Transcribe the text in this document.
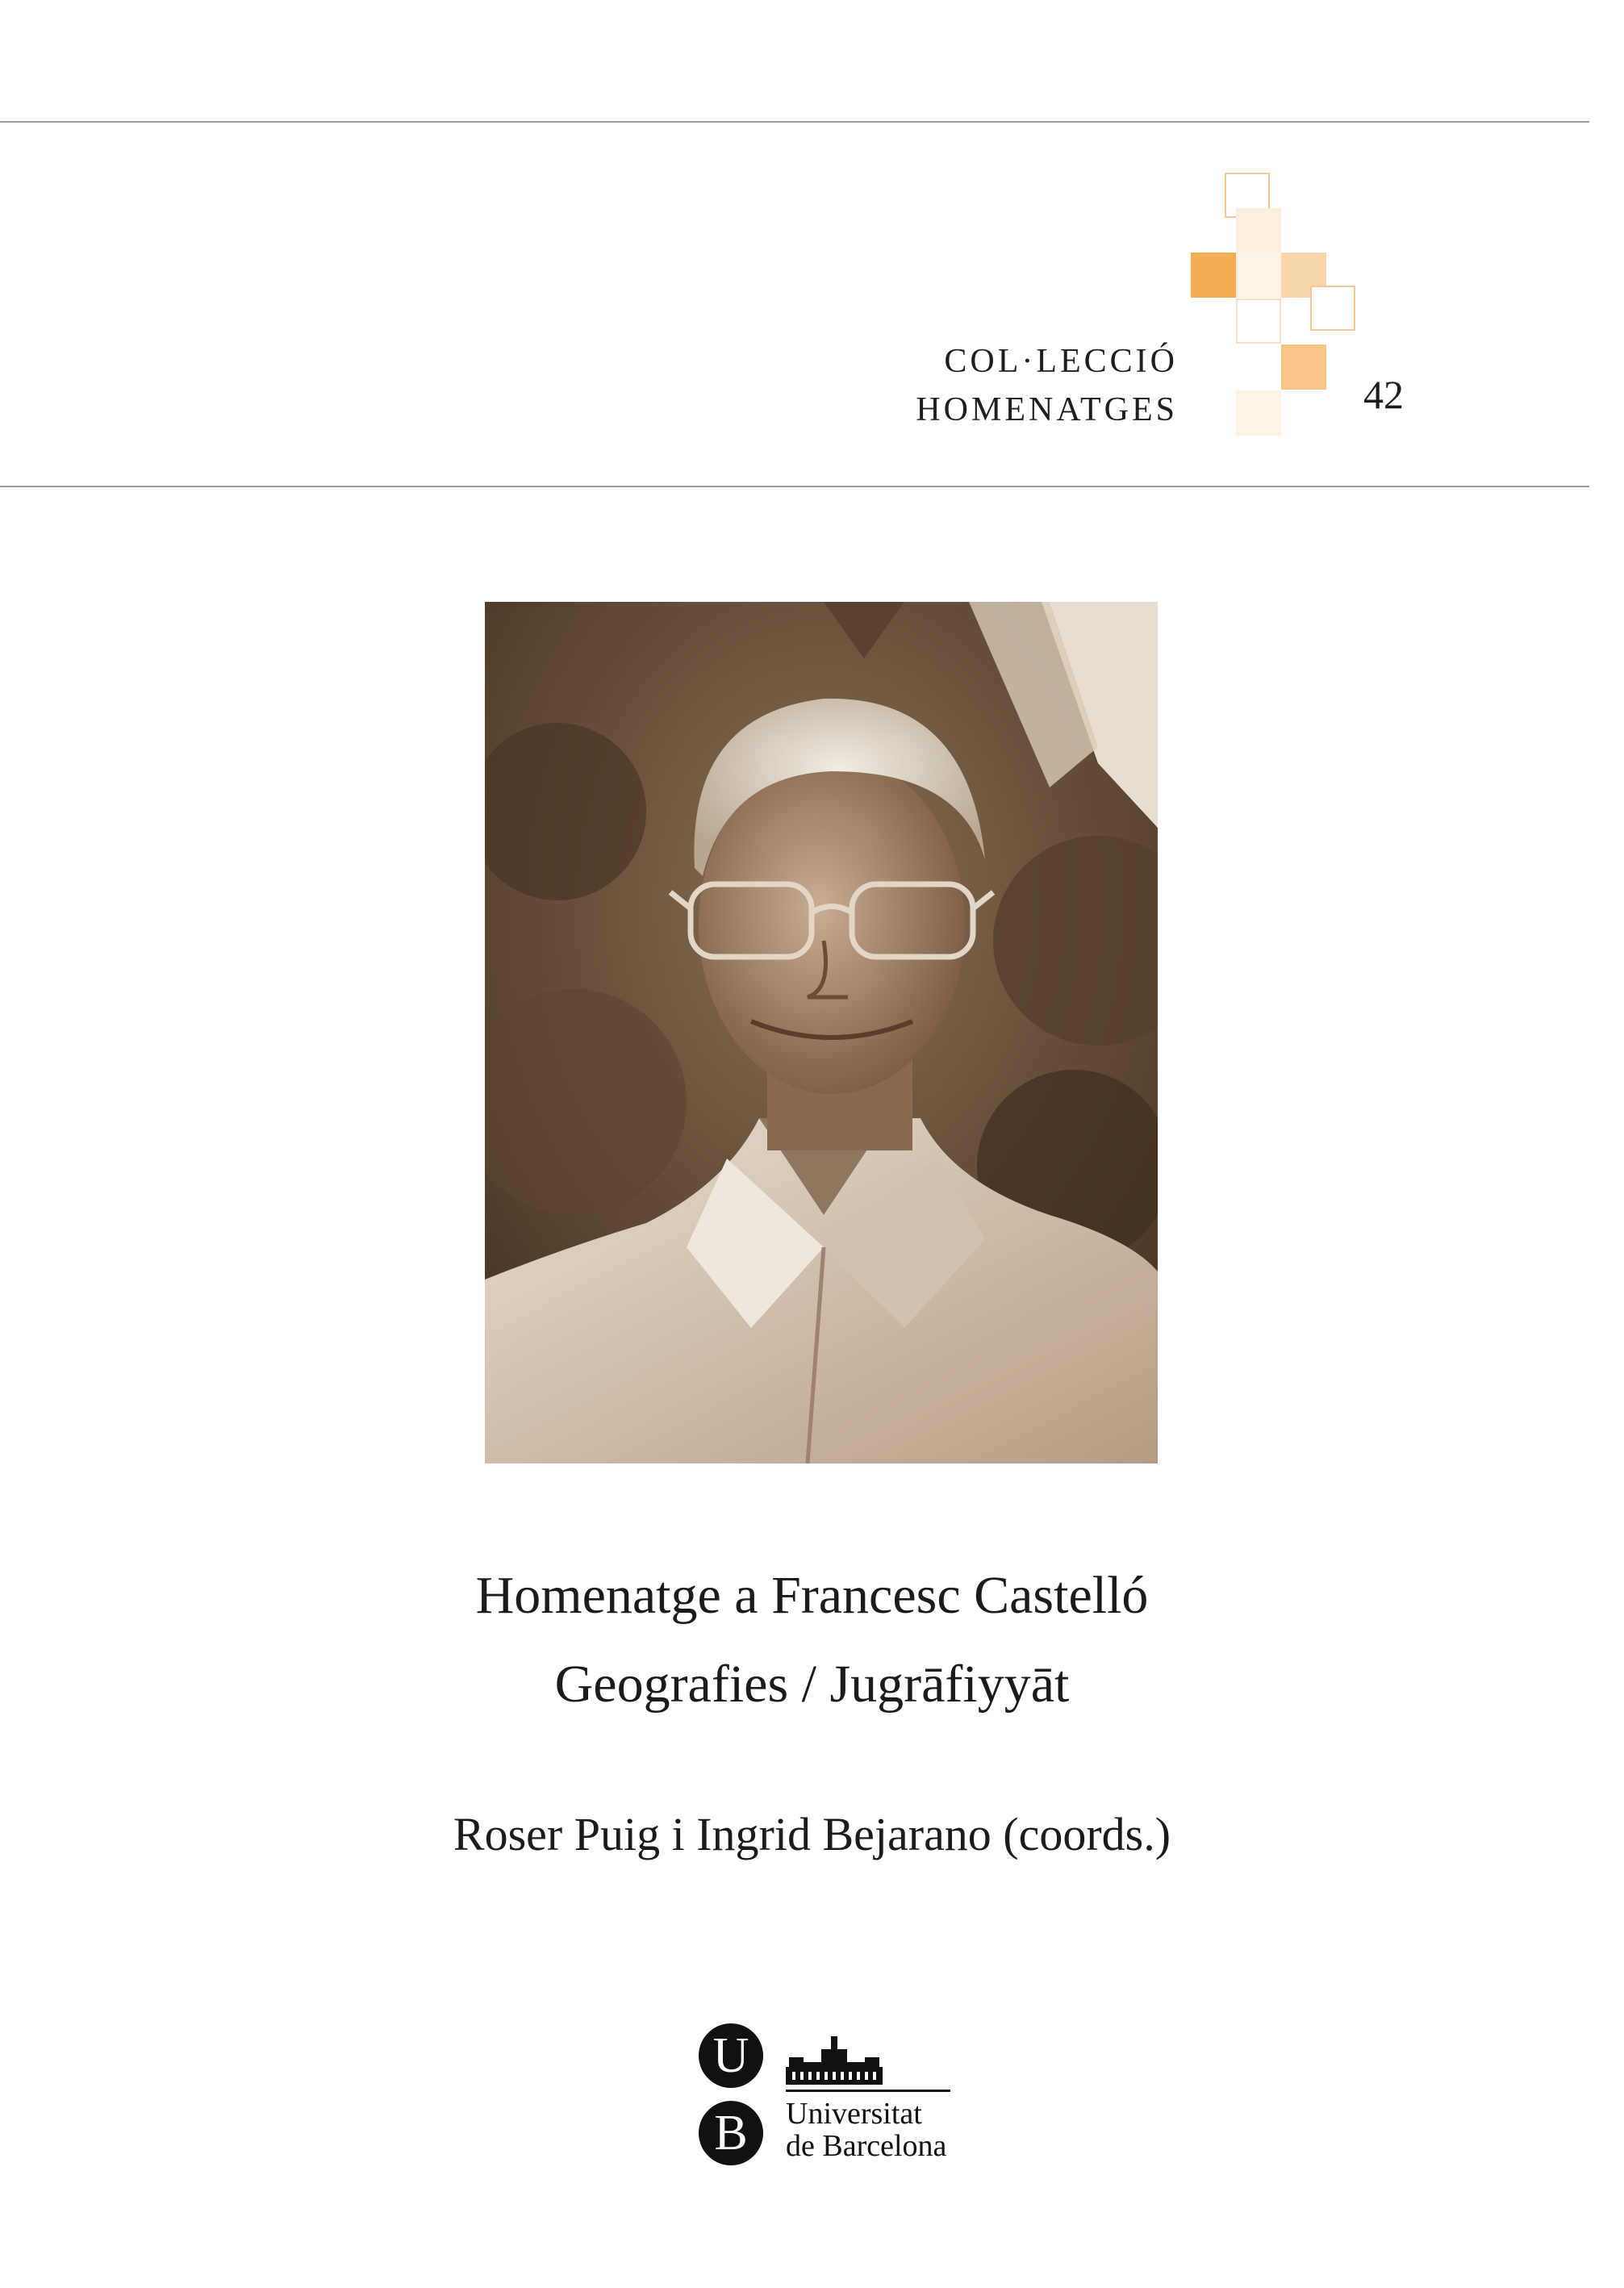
COL·LECCIÓ
HOMENATGES	42
Homenatge a Francesc Castelló
Geografies / Jugrāfiyyāt
Roser Puig i Ingrid Bejarano (coords.)
U
B	Universitat
de Barcelona
